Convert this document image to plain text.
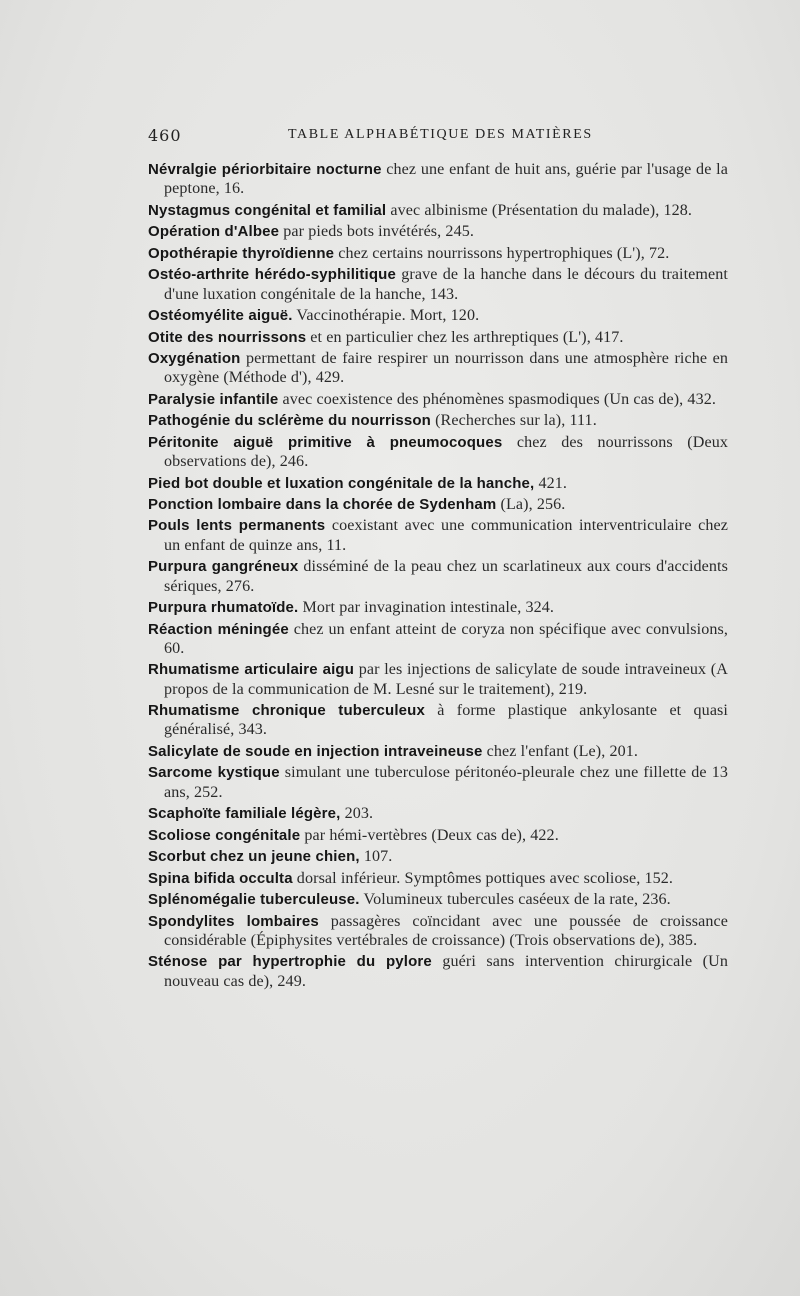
460	TABLE ALPHABÉTIQUE DES MATIÈRES

Névralgie périorbitaire nocturne chez une enfant de huit ans, guérie par l'usage de la peptone, 16.

Nystagmus congénital et familial avec albinisme (Présentation du malade), 128.

Opération d'Albee par pieds bots invétérés, 245.

Opothérapie thyroïdienne chez certains nourrissons hypertrophiques (L'), 72.

Ostéo-arthrite hérédo-syphilitique grave de la hanche dans le décours du traitement d'une luxation congénitale de la hanche, 143.

Ostéomyélite aiguë. Vaccinothérapie. Mort, 120.

Otite des nourrissons et en particulier chez les arthreptiques (L'), 417.

Oxygénation permettant de faire respirer un nourrisson dans une atmosphère riche en oxygène (Méthode d'), 429.

Paralysie infantile avec coexistence des phénomènes spasmodiques (Un cas de), 432.

Pathogénie du sclérème du nourrisson (Recherches sur la), 111.

Péritonite aiguë primitive à pneumocoques chez des nourrissons (Deux observations de), 246.

Pied bot double et luxation congénitale de la hanche, 421.

Ponction lombaire dans la chorée de Sydenham (La), 256.

Pouls lents permanents coexistant avec une communication interventriculaire chez un enfant de quinze ans, 11.

Purpura gangréneux disséminé de la peau chez un scarlatineux aux cours d'accidents sériques, 276.

Purpura rhumatoïde. Mort par invagination intestinale, 324.

Réaction méningée chez un enfant atteint de coryza non spécifique avec convulsions, 60.

Rhumatisme articulaire aigu par les injections de salicylate de soude intraveineux (A propos de la communication de M. Lesné sur le traitement), 219.

Rhumatisme chronique tuberculeux à forme plastique ankylosante et quasi généralisé, 343.

Salicylate de soude en injection intraveineuse chez l'enfant (Le), 201.

Sarcome kystique simulant une tuberculose péritonéo-pleurale chez une fillette de 13 ans, 252.

Scaphoïte familiale légère, 203.

Scoliose congénitale par hémi-vertèbres (Deux cas de), 422.

Scorbut chez un jeune chien, 107.

Spina bifida occulta dorsal inférieur. Symptômes pottiques avec scoliose, 152.

Splénomégalie tuberculeuse. Volumineux tubercules caséeux de la rate, 236.

Spondylites lombaires passagères coïncidant avec une poussée de croissance considérable (Épiphysites vertébrales de croissance) (Trois observations de), 385.

Sténose par hypertrophie du pylore guéri sans intervention chirurgicale (Un nouveau cas de), 249.
